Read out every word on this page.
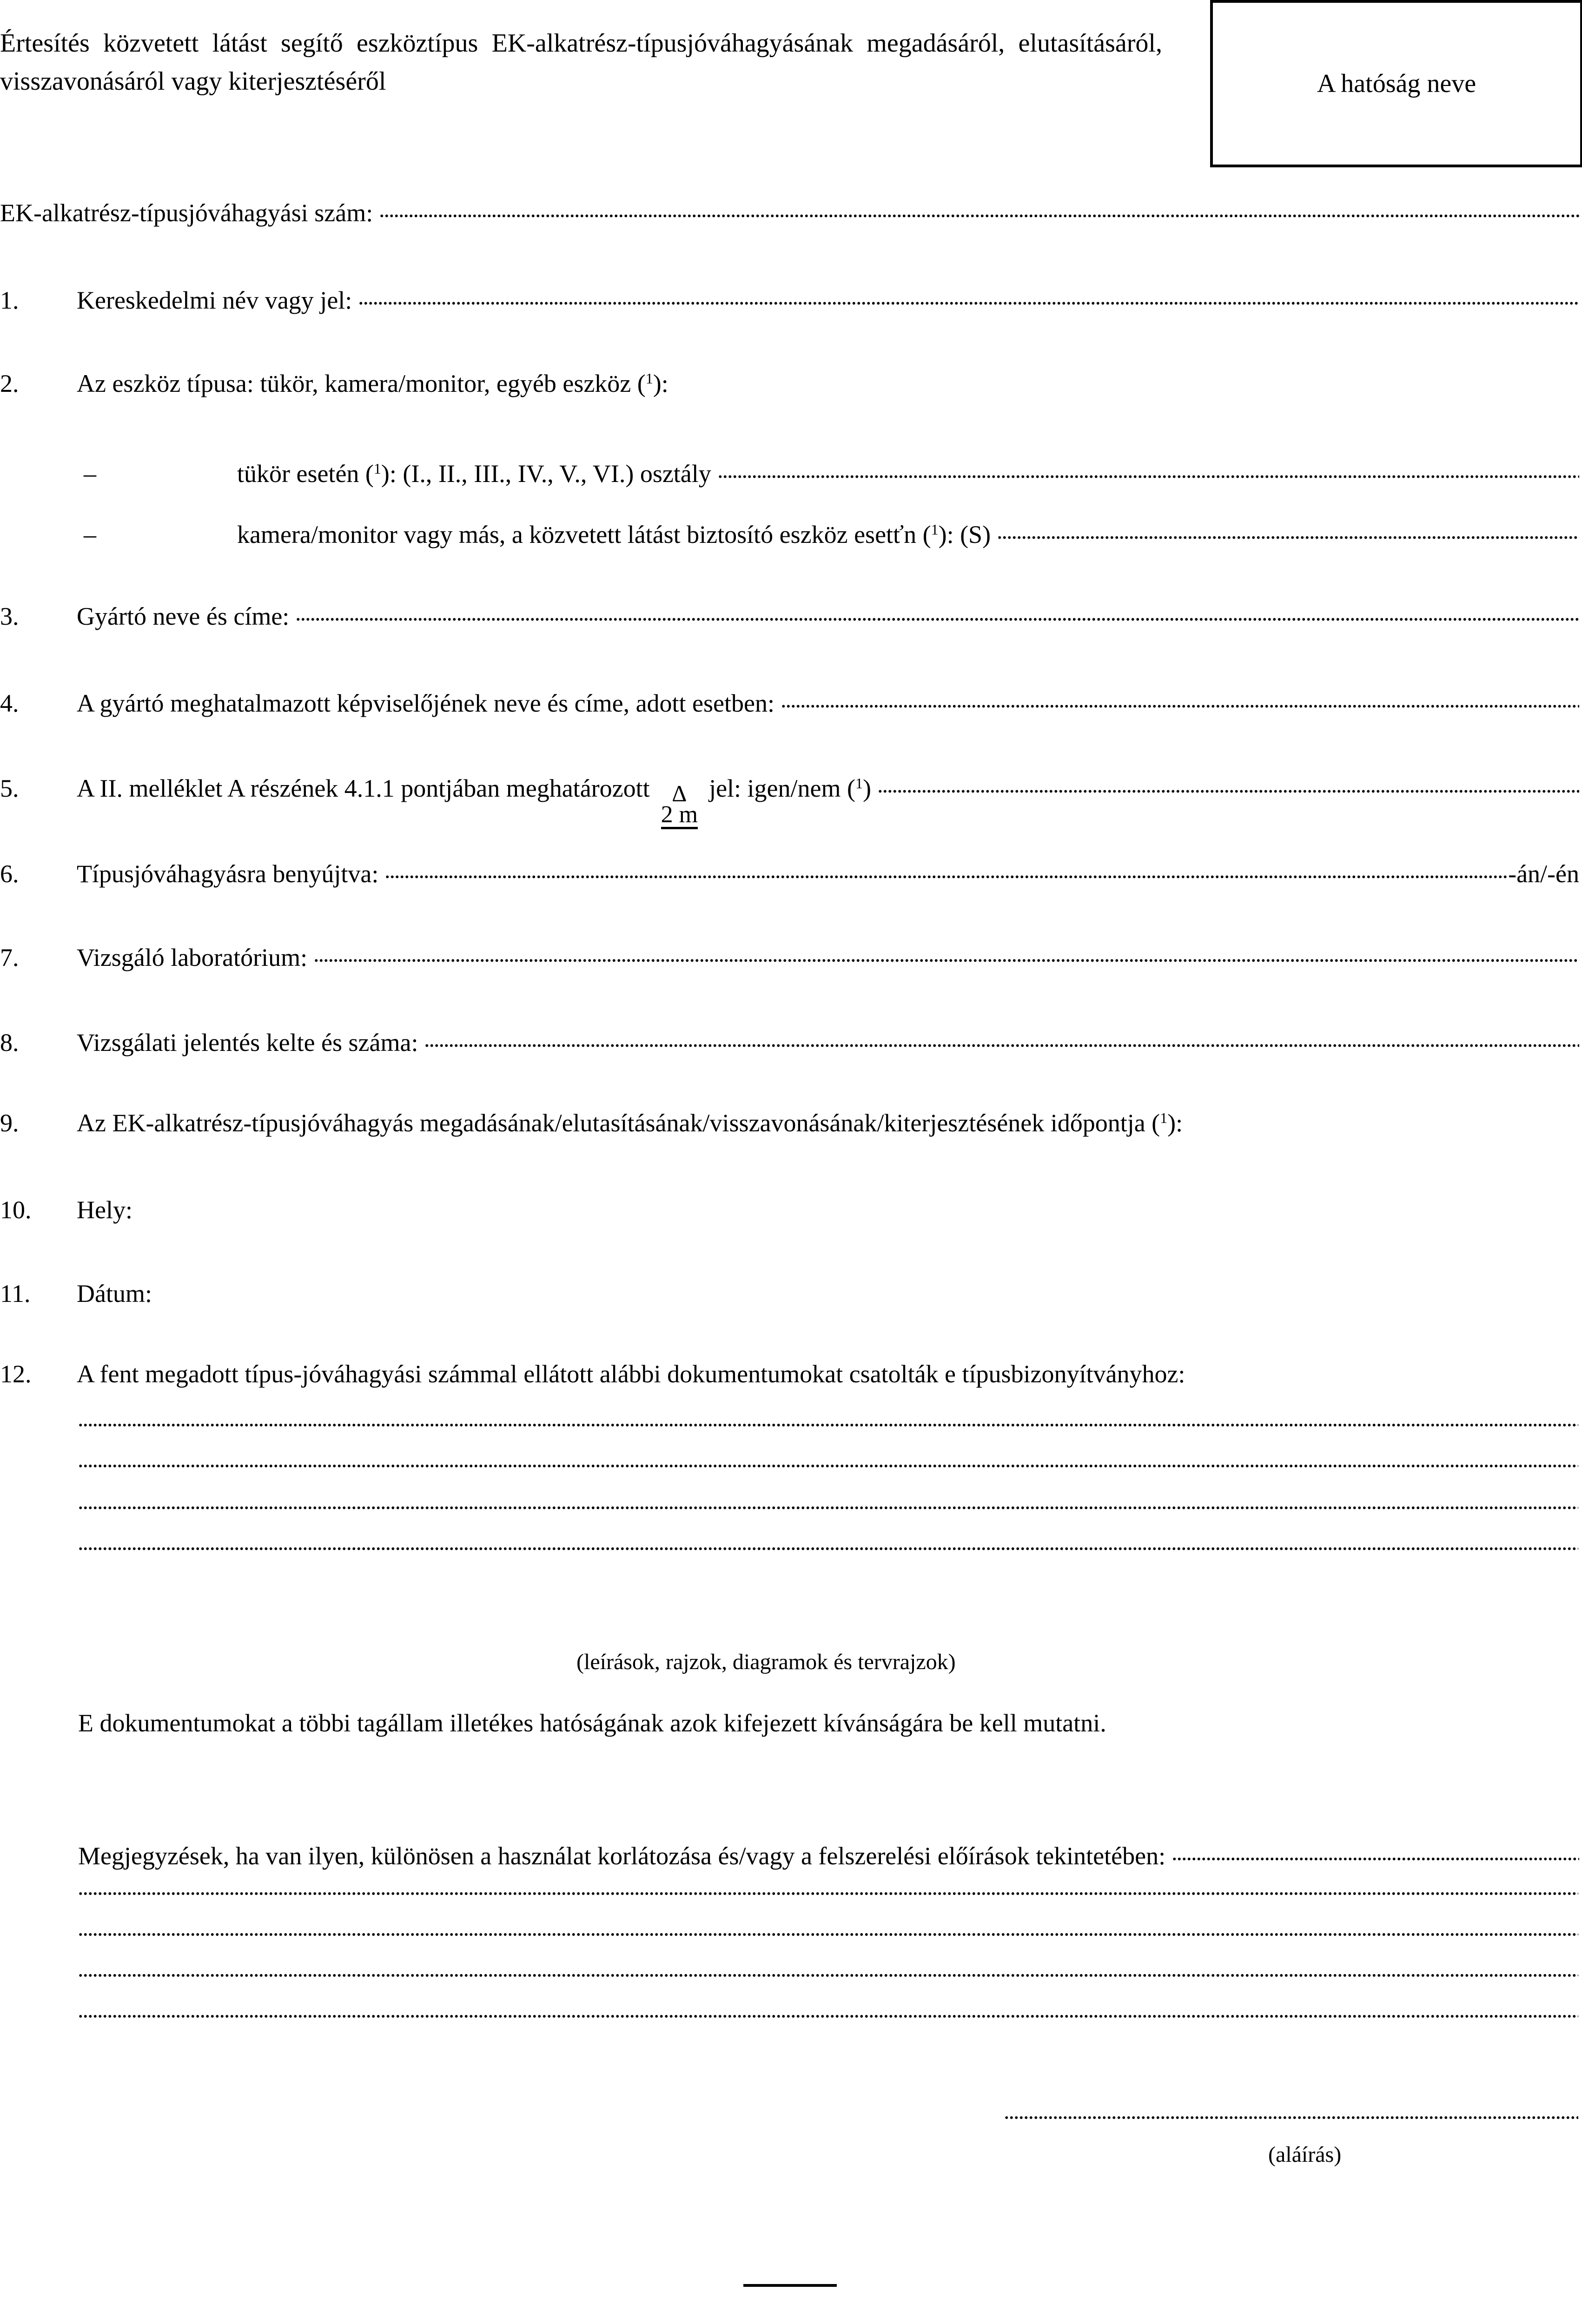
Értesítés közvetett látást segítő eszköztípus EK-alkatrész-típusjóváhagyásának megadásáról, elutasításáról, visszavonásáról vagy kiterjesztéséről	A hatóság neve
EK-alkatrész-típusjóváhagyási szám:
1.	Kereskedelmi név vagy jel:
2.	Az eszköz típusa: tükör, kamera/monitor, egyéb eszköz ($^1$):
–	tükör esetén ($^1$): (I., II., III., IV., V., VI.) osztály
–	kamera/monitor vagy más, a közvetett látást biztosító eszköz esetťn ($^1$): (S)
3.	Gyártó neve és címe:
4.	A gyártó meghatalmazott képviselőjének neve és címe, adott esetben:
5.	A II. melléklet A részének 4.1.1 pontjában meghatározott Δ
2 m
jel: igen/nem ($^1$)
6.	Típusjóváhagyásra benyújtva:	-án/-én
7.	Vizsgáló laboratórium:
8.	Vizsgálati jelentés kelte és száma:
9.	Az EK-alkatrész-típusjóváhagyás megadásának/elutasításának/visszavonásának/kiterjesztésének időpontja ($^1$):
10.	Hely:
11.	Dátum:
12.	A fent megadott típus-jóváhagyási számmal ellátott alábbi dokumentumokat csatolták e típusbizonyítványhoz:
(leírások, rajzok, diagramok és tervrajzok)
E dokumentumokat a többi tagállam illetékes hatóságának azok kifejezett kívánságára be kell mutatni.
Megjegyzések, ha van ilyen, különösen a használat korlátozása és/vagy a felszerelési előírások tekintetében:
(aláírás)
